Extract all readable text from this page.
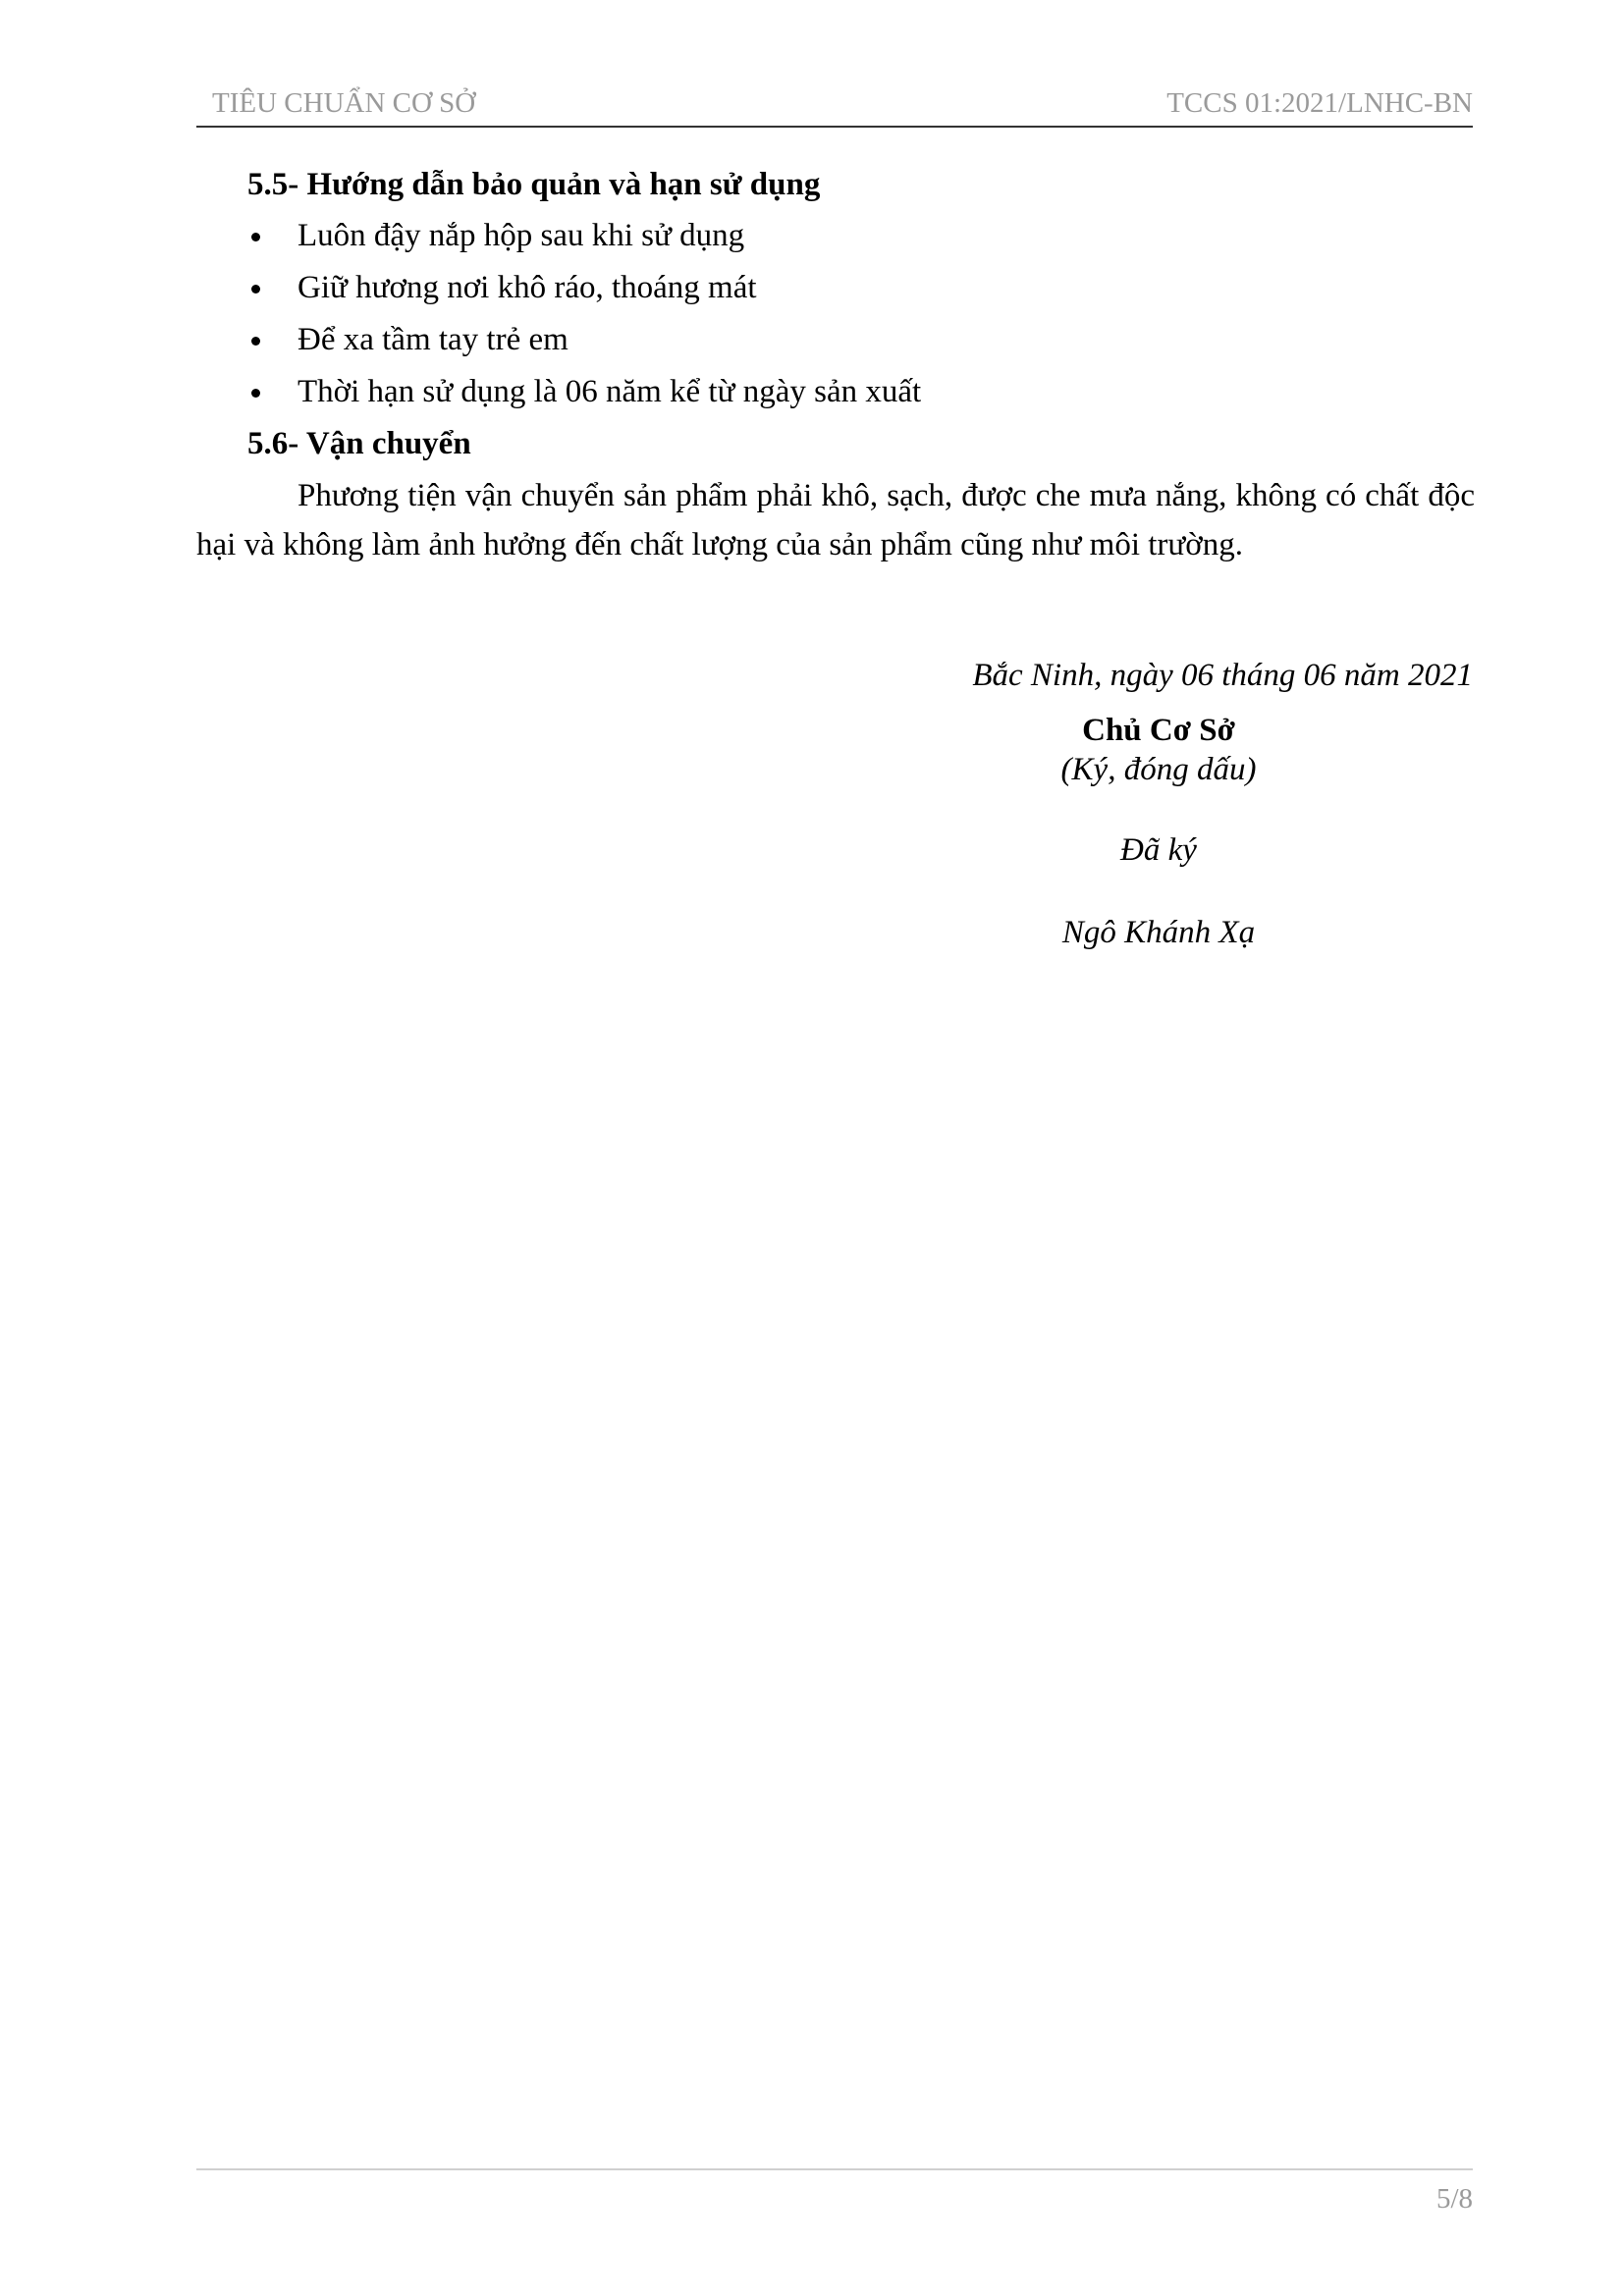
TIÊU CHUẨN CƠ SỞ	TCCS 01:2021/LNHC-BN
5.5- Hướng dẫn bảo quản và hạn sử dụng
Luôn đậy nắp hộp sau khi sử dụng
Giữ hương nơi khô ráo, thoáng mát
Để xa tầm tay trẻ em
Thời hạn sử dụng là 06 năm kể từ ngày sản xuất
5.6- Vận chuyển

Phương tiện vận chuyển sản phẩm phải khô, sạch, được che mưa nắng, không có chất độc hại và không làm ảnh hưởng đến chất lượng của sản phẩm cũng như môi trường.

Bắc Ninh, ngày 06 tháng 06 năm 2021
Chủ Cơ Sở
(Ký, đóng dấu)
Đã ký
Ngô Khánh Xạ
5/8
